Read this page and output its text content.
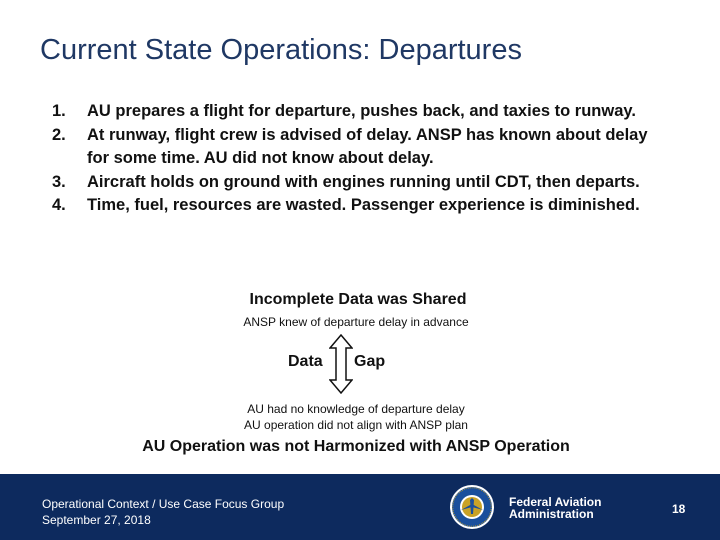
Current State Operations: Departures
1. AU prepares a flight for departure, pushes back, and taxies to runway.
2. At runway, flight crew is advised of delay. ANSP has known about delay for some time. AU did not know about delay.
3. Aircraft holds on ground with engines running until CDT, then departs.
4. Time, fuel, resources are wasted. Passenger experience is diminished.
Incomplete Data was Shared
ANSP knew of departure delay in advance
Data Gap
AU had no knowledge of departure delay
AU operation did not align with ANSP plan
AU Operation was not Harmonized with ANSP Operation
Operational Context / Use Case Focus Group
September 27, 2018
Federal Aviation
Administration	18
